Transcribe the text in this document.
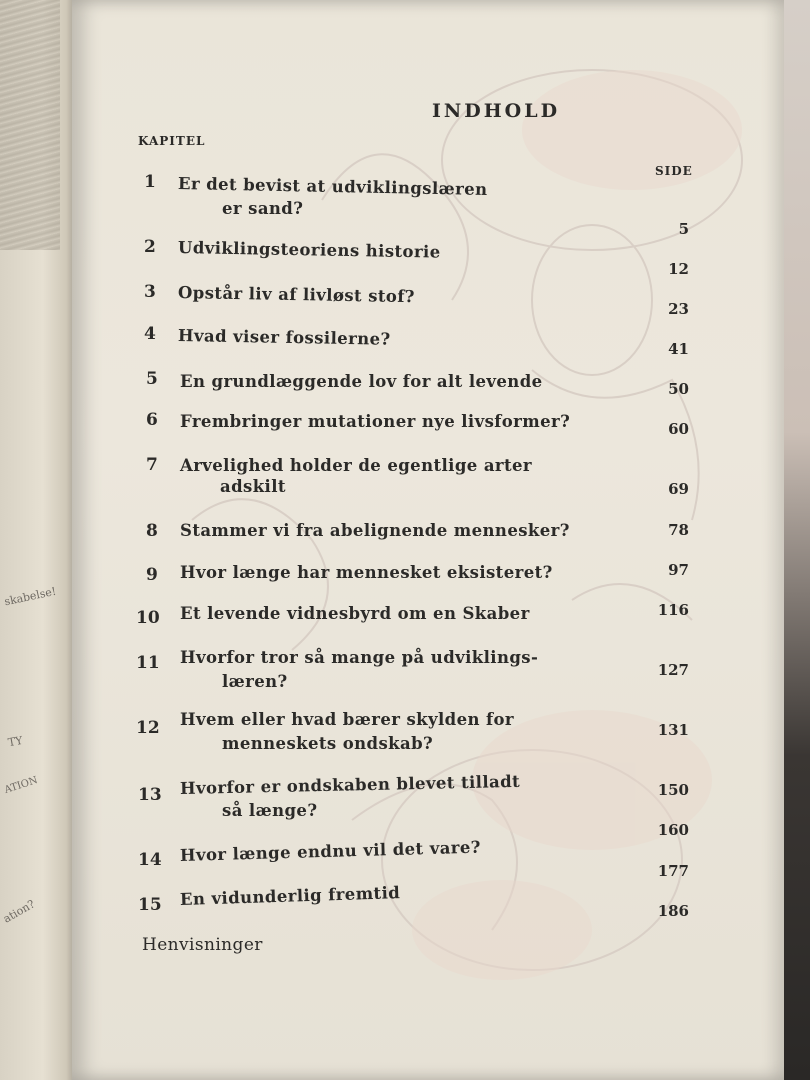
skabelse!
TY
ATION
ation?
INDHOLD
KAPITEL
SIDE
1 Er det bevist at udviklingslæren
er sand?
2 Udviklingsteoriens historie
3 Opstår liv af livløst stof?
4 Hvad viser fossilerne?
5 En grundlæggende lov for alt levende
6 Frembringer mutationer nye livsformer?
7 Arvelighed holder de egentlige arter
adskilt
8 Stammer vi fra abelignende mennesker?
9 Hvor længe har mennesket eksisteret?
10 Et levende vidnesbyrd om en Skaber
11 Hvorfor tror så mange på udviklings-
læren?
12 Hvem eller hvad bærer skylden for
menneskets ondskab?
13 Hvorfor er ondskaben blevet tilladt
så længe?
14 Hvor længe endnu vil det vare?
15 En vidunderlig fremtid
Henvisninger
5
12
23
41
50
60
69
78
97
116
127
131
150
160
177
186
